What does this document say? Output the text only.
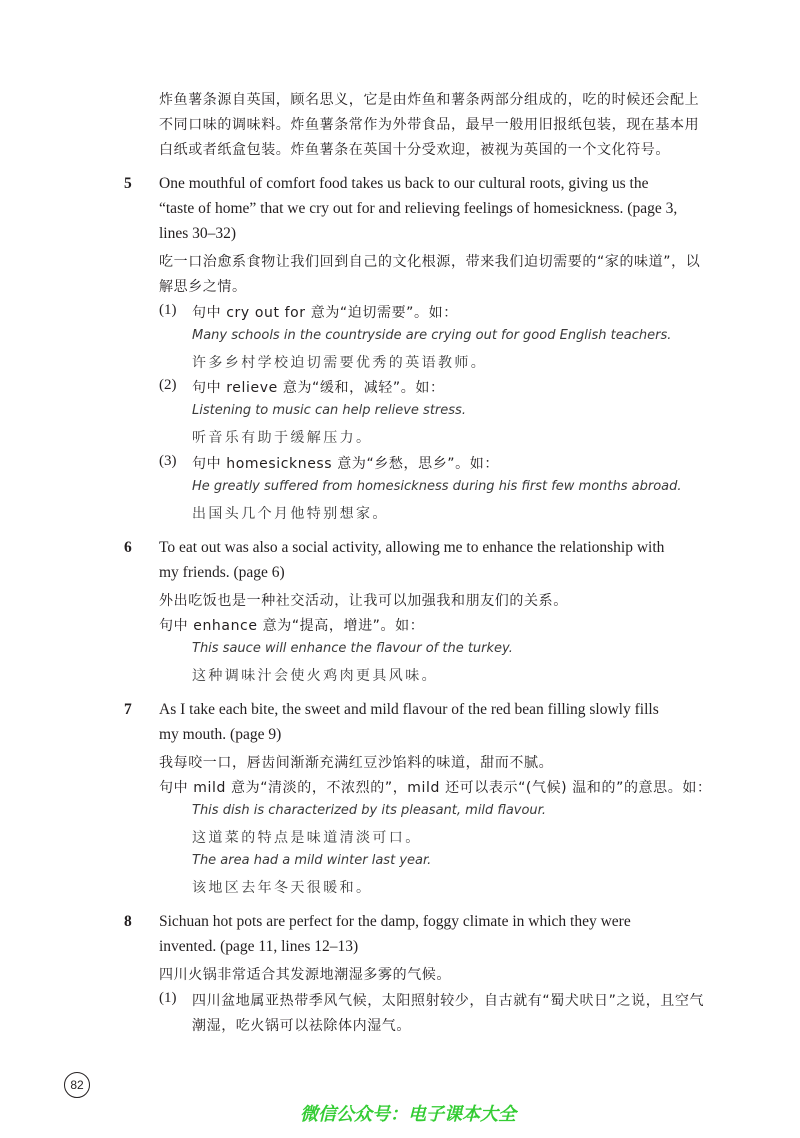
炸鱼薯条源自英国，顾名思义，它是由炸鱼和薯条两部分组成的，吃的时候还会配上
不同口味的调味料。炸鱼薯条常作为外带食品，最早一般用旧报纸包装，现在基本用
白纸或者纸盒包装。炸鱼薯条在英国十分受欢迎，被视为英国的一个文化符号。
5 One mouthful of comfort food takes us back to our cultural roots, giving us the
“taste of home” that we cry out for and relieving feelings of homesickness. (page 3,
lines 30–32)
吃一口治愈系食物让我们回到自己的文化根源，带来我们迫切需要的“家的味道”，以
解思乡之情。
(1) 句中 cry out for 意为“迫切需要”。如：
Many schools in the countryside are crying out for good English teachers.
许多乡村学校迫切需要优秀的英语教师。
(2) 句中 relieve 意为“缓和，减轻”。如：
Listening to music can help relieve stress.
听音乐有助于缓解压力。
(3) 句中 homesickness 意为“乡愁，思乡”。如：
He greatly suffered from homesickness during his first few months abroad.
出国头几个月他特别想家。
6 To eat out was also a social activity, allowing me to enhance the relationship with
my friends. (page 6)
外出吃饭也是一种社交活动，让我可以加强我和朋友们的关系。
句中 enhance 意为“提高，增进”。如：
This sauce will enhance the flavour of the turkey.
这种调味汁会使火鸡肉更具风味。
7 As I take each bite, the sweet and mild flavour of the red bean filling slowly fills
my mouth. (page 9)
我每咬一口，唇齿间渐渐充满红豆沙馅料的味道，甜而不腻。
句中 mild 意为“清淡的，不浓烈的”，mild 还可以表示“(气候) 温和的”的意思。如：
This dish is characterized by its pleasant, mild flavour.
这道菜的特点是味道清淡可口。
The area had a mild winter last year.
该地区去年冬天很暖和。
8 Sichuan hot pots are perfect for the damp, foggy climate in which they were
invented. (page 11, lines 12–13)
四川火锅非常适合其发源地潮湿多雾的气候。
(1) 四川盆地属亚热带季风气候，太阳照射较少，自古就有“蜀犬吠日”之说，且空气
潮湿，吃火锅可以祛除体内湿气。
82
微信公众号：电子课本大全
